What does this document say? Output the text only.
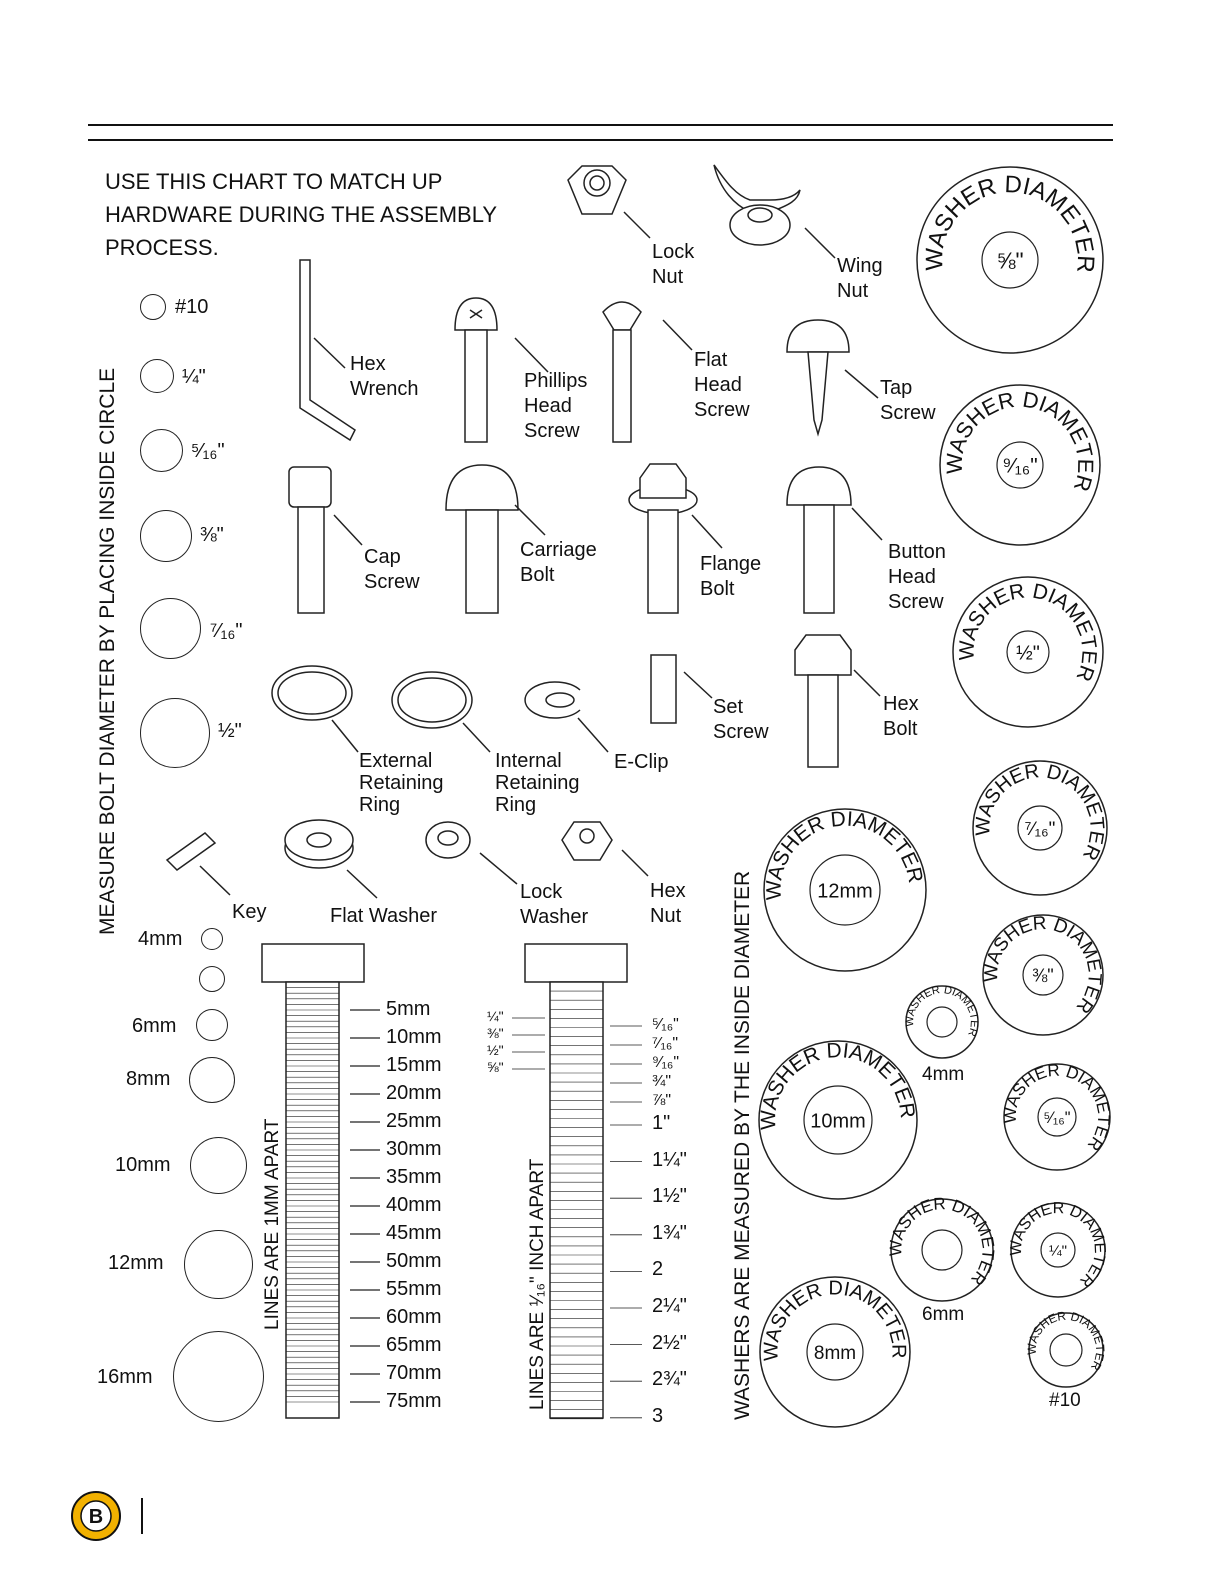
USE THIS CHART TO MATCH UP
HARDWARE DURING THE ASSEMBLY
PROCESS.
MEASURE BOLT DIAMETER BY PLACING INSIDE CIRCLE
WASHERS ARE MEASURED BY THE INSIDE DIAMETER
LINES ARE 1MM APART	LINES ARE ¹⁄₁₆" INCH APART
#10
¼"
⁵⁄₁₆"
⅜"
⁷⁄₁₆"
½"
4mm
6mm
8mm
10mm
12mm
16mm
Lock
Nut	Wing
Nut
Hex
Wrench	Phillips
Head
Screw
Flat
Head
Screw
Tap
Screw
Cap
Screw
Carriage
Bolt	Flange
Bolt
Button
Head
Screw
Set
Screw
Hex
Bolt
External
Retaining
Ring
Internal
Retaining
Ring
E-Clip
Key	Flat Washer
Lock
Washer
Hex
Nut
5mm
10mm
15mm
20mm
25mm
30mm
35mm
40mm
45mm
50mm
55mm
60mm
65mm
70mm
75mm
¼"
⅜"
½"
⅝"
⁵⁄₁₆"
⁷⁄₁₆"
⁹⁄₁₆"
¾"
⅞"
1"
1¼"
1½"
1¾"
2
2¼"
2½"
2¾"
3
WASHER DIAMETER
⅝"
WASHER DIAMETER
⁹⁄₁₆"
WASHER DIAMETER
½"
WASHER DIAMETER
⁷⁄₁₆"
WASHER DIAMETER
⅜"
WASHER DIAMETER
⁵⁄₁₆"
WASHER DIAMETER
¼"
WASHER DIAMETER
WASHER DIAMETER
WASHER DIAMETER
WASHER DIAMETER
12mm
WASHER DIAMETER
10mm
WASHER DIAMETER
8mm
4mm
6mm
#10
B
